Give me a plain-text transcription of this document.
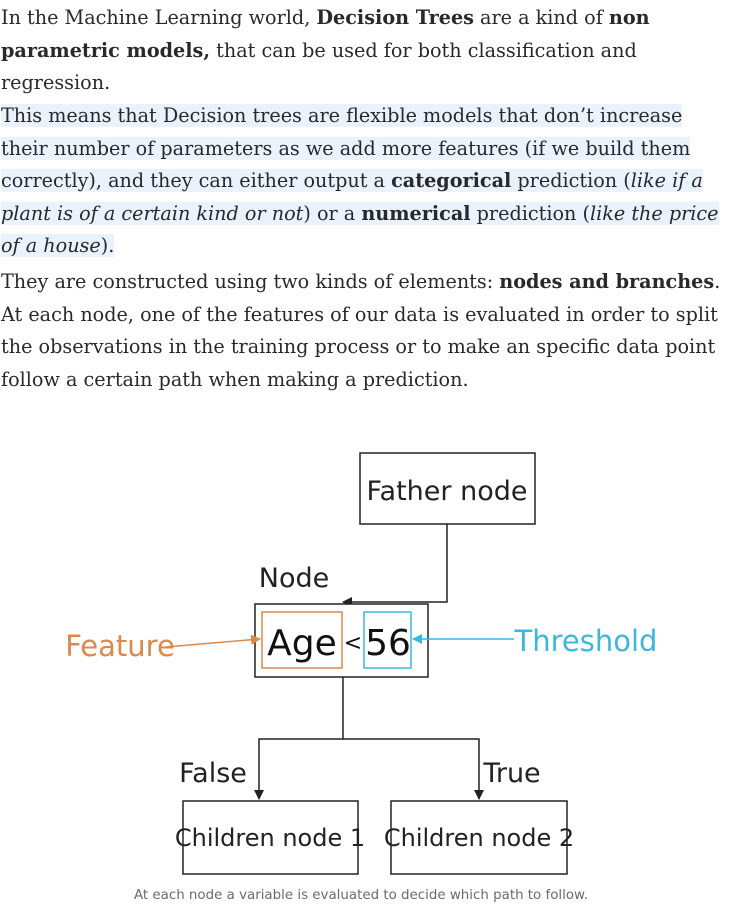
In the Machine Learning world, Decision Trees are a kind of non parametric models, that can be used for both classification and regression.

This means that Decision trees are flexible models that don’t increase their number of parameters as we add more features (if we build them correctly), and they can either output a categorical prediction (like if a plant is of a certain kind or not) or a numerical prediction (like the price of a house).

They are constructed using two kinds of elements: nodes and branches. At each node, one of the features of our data is evaluated in order to split the observations in the training process or to make an specific data point follow a certain path when making a prediction.

Father node
Node
Age < 56
Feature	Threshold
False	True
Children node 1 Children node 2
At each node a variable is evaluated to decide which path to follow.
